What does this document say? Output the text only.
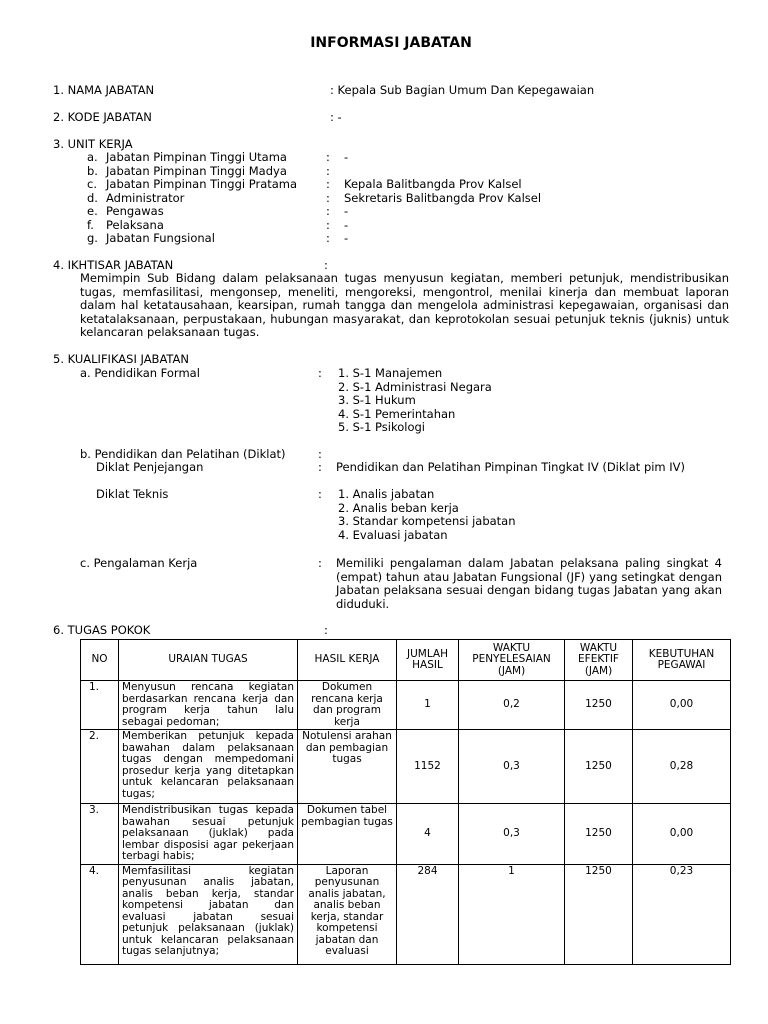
INFORMASI JABATAN
1. NAMA JABATAN	: Kepala Sub Bagian Umum Dan Kepegawaian
2. KODE JABATAN	: -
3. UNIT KERJA
a. Jabatan Pimpinan Tinggi Utama	: -
b. Jabatan Pimpinan Tinggi Madya	:
c. Jabatan Pimpinan Tinggi Pratama	: Kepala Balitbangda Prov Kalsel
d. Administrator	: Sekretaris Balitbangda Prov Kalsel
e. Pengawas	: -
f. Pelaksana	: -
g. Jabatan Fungsional	: -
4. IKHTISAR JABATAN	:
Memimpin Sub Bidang dalam pelaksanaan tugas menyusun kegiatan, memberi petunjuk, mendistribusikan tugas, memfasilitasi, mengonsep, meneliti, mengoreksi, mengontrol, menilai kinerja dan membuat laporan dalam hal ketatausahaan, kearsipan, rumah tangga dan mengelola administrasi kepegawaian, organisasi dan ketatalaksanaan, perpustakaan, hubungan masyarakat, dan keprotokolan sesuai petunjuk teknis (juknis) untuk kelancaran pelaksanaan tugas.
5. KUALIFIKASI JABATAN
a. Pendidikan Formal	: 1. S-1 Manajemen
2. S-1 Administrasi Negara
3. S-1 Hukum
4. S-1 Pemerintahan
5. S-1 Psikologi
b. Pendidikan dan Pelatihan (Diklat)	:
Diklat Penjejangan	: Pendidikan dan Pelatihan Pimpinan Tingkat IV (Diklat pim IV)
Diklat Teknis	: 1. Analis jabatan
2. Analis beban kerja
3. Standar kompetensi jabatan
4. Evaluasi jabatan
c. Pengalaman Kerja	: Memiliki pengalaman dalam Jabatan pelaksana paling singkat 4 (empat) tahun atau Jabatan Fungsional (JF) yang setingkat dengan Jabatan pelaksana sesuai dengan bidang tugas Jabatan yang akan diduduki.
6. TUGAS POKOK	:
NO	URAIAN TUGAS	HASIL KERJA	JUMLAH HASIL	WAKTU PENYELESAIAN (JAM)	WAKTU EFEKTIF (JAM)	KEBUTUHAN PEGAWAI
1.	Menyusun rencana kegiatan berdasarkan rencana kerja dan program kerja tahun lalu sebagai pedoman;	Dokumen rencana kerja dan program kerja	1	0,2	1250	0,00
2.	Memberikan petunjuk kepada bawahan dalam pelaksanaan tugas dengan mempedomani prosedur kerja yang ditetapkan untuk kelancaran pelaksanaan tugas;	Notulensi arahan dan pembagian tugas	1152	0,3	1250	0,28
3.	Mendistribusikan tugas kepada bawahan sesuai petunjuk pelaksanaan (juklak) pada lembar disposisi agar pekerjaan terbagi habis;	Dokumen tabel pembagian tugas	4	0,3	1250	0,00
4.	Memfasilitasi kegiatan penyusunan analis jabatan, analis beban kerja, standar kompetensi jabatan dan evaluasi jabatan sesuai petunjuk pelaksanaan (juklak) untuk kelancaran pelaksanaan tugas selanjutnya;	Laporan penyusunan analis jabatan, analis beban kerja, standar kompetensi jabatan dan evaluasi	284	1	1250	0,23
